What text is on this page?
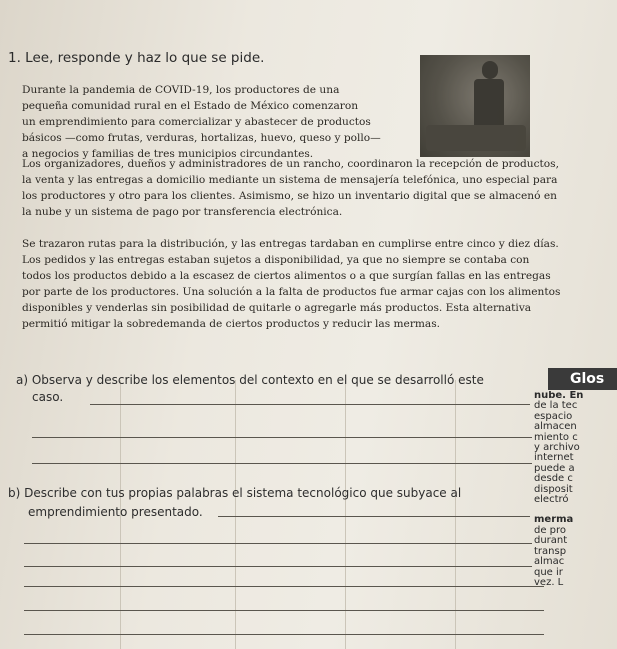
1. Lee, responde y haz lo que se pide.
Durante la pandemia de COVID-19, los productores de una
pequeña comunidad rural en el Estado de México comenzaron
un emprendimiento para comercializar y abastecer de productos
básicos —como frutas, verduras, hortalizas, huevo, queso y pollo—
a negocios y familias de tres municipios circundantes.
Los organizadores, dueños y administradores de un rancho, coordinaron la recepción de productos,
la venta y las entregas a domicilio mediante un sistema de mensajería telefónica, uno especial para
los productores y otro para los clientes. Asimismo, se hizo un inventario digital que se almacenó en
la nube y un sistema de pago por transferencia electrónica.
Se trazaron rutas para la distribución, y las entregas tardaban en cumplirse entre cinco y diez días.
Los pedidos y las entregas estaban sujetos a disponibilidad, ya que no siempre se contaba con
todos los productos debido a la escasez de ciertos alimentos o a que surgían fallas en las entregas
por parte de los productores. Una solución a la falta de productos fue armar cajas con los alimentos
disponibles y venderlas sin posibilidad de quitarle o agregarle más productos. Esta alternativa
permitió mitigar la sobredemanda de ciertos productos y reducir las mermas.
a) Observa y describe los elementos del contexto en el que se desarrolló este
caso.
b) Describe con tus propias palabras el sistema tecnológico que subyace al
emprendimiento presentado.
Glos
nube. En
de la tec
espacio
almacen
miento c
y archivo
internet
puede a
desde c
disposit
electró
merma
de pro
durant
transp
almac
que ir
vez. L
